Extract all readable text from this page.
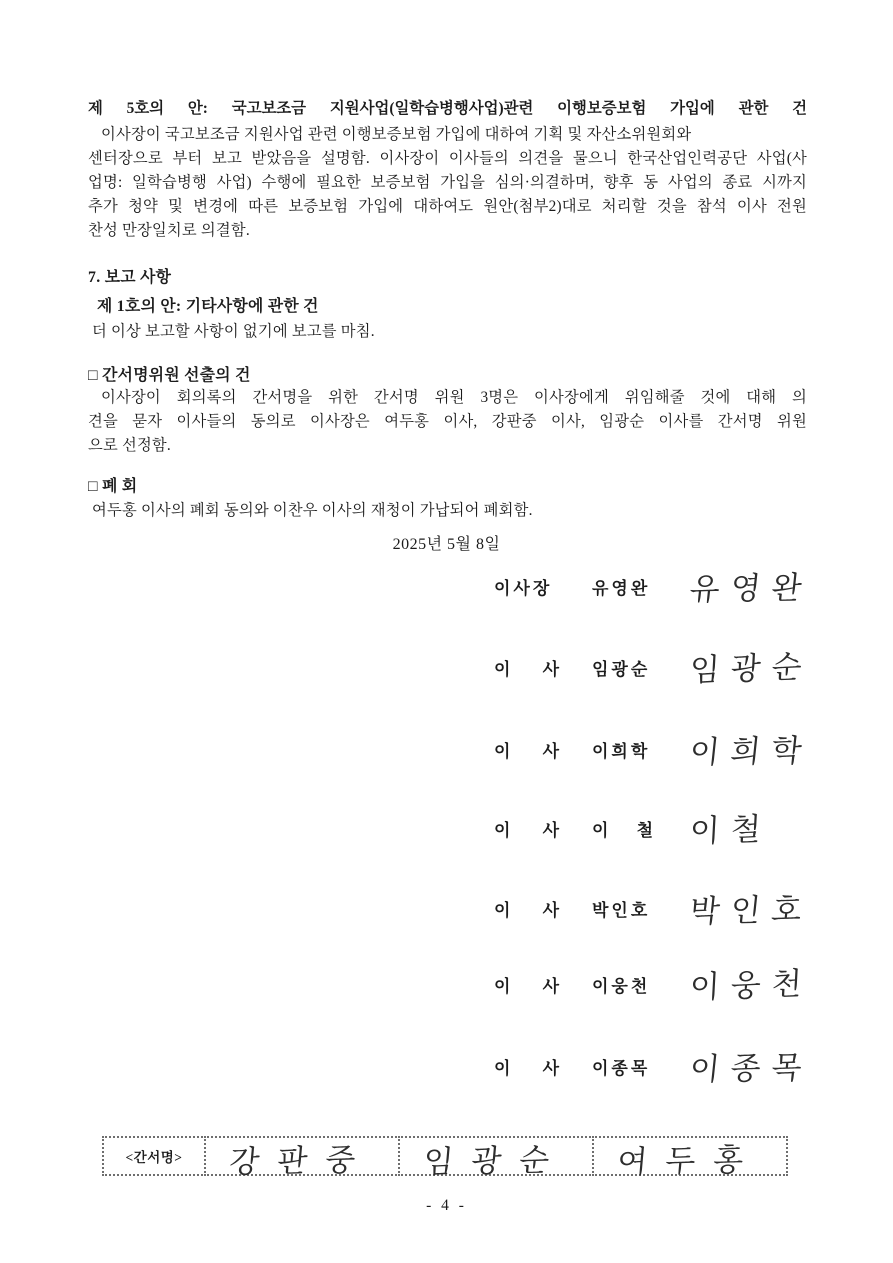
제 5호의 안: 국고보조금 지원사업(일학습병행사업)관련 이행보증보험 가입에 관한 건
이사장이 국고보조금 지원사업 관련 이행보증보험 가입에 대하여 기획 및 자산소위원회와
센터장으로 부터 보고 받았음을 설명함. 이사장이 이사들의 의견을 물으니 한국산업인력공단 사업(사
업명: 일학습병행 사업) 수행에 필요한 보증보험 가입을 심의·의결하며, 향후 동 사업의 종료 시까지
추가 청약 및 변경에 따른 보증보험 가입에 대하여도 원안(첨부2)대로 처리할 것을 참석 이사 전원
찬성 만장일치로 의결함.
7. 보고 사항
제 1호의 안: 기타사항에 관한 건
더 이상 보고할 사항이 없기에 보고를 마침.
□ 간서명위원 선출의 건
이사장이 회의록의 간서명을 위한 간서명 위원 3명은 이사장에게 위임해줄 것에 대해 의
견을 묻자 이사들의 동의로 이사장은 여두홍 이사, 강판중 이사, 임광순 이사를 간서명 위원
으로 선정함.
□ 폐 회
여두홍 이사의 폐회 동의와 이찬우 이사의 재청이 가납되어 폐회함.
2025년 5월 8일
이사장	유영완	유영완
이 사	임광순	임광순
이 사	이희학	이희학
이 사	이 철	이철
이 사	박인호	박인호
이 사	이웅천	이웅천
이 사	이종목	이종목
<간서명>	강판중	임광순	여두홍
- 4 -
